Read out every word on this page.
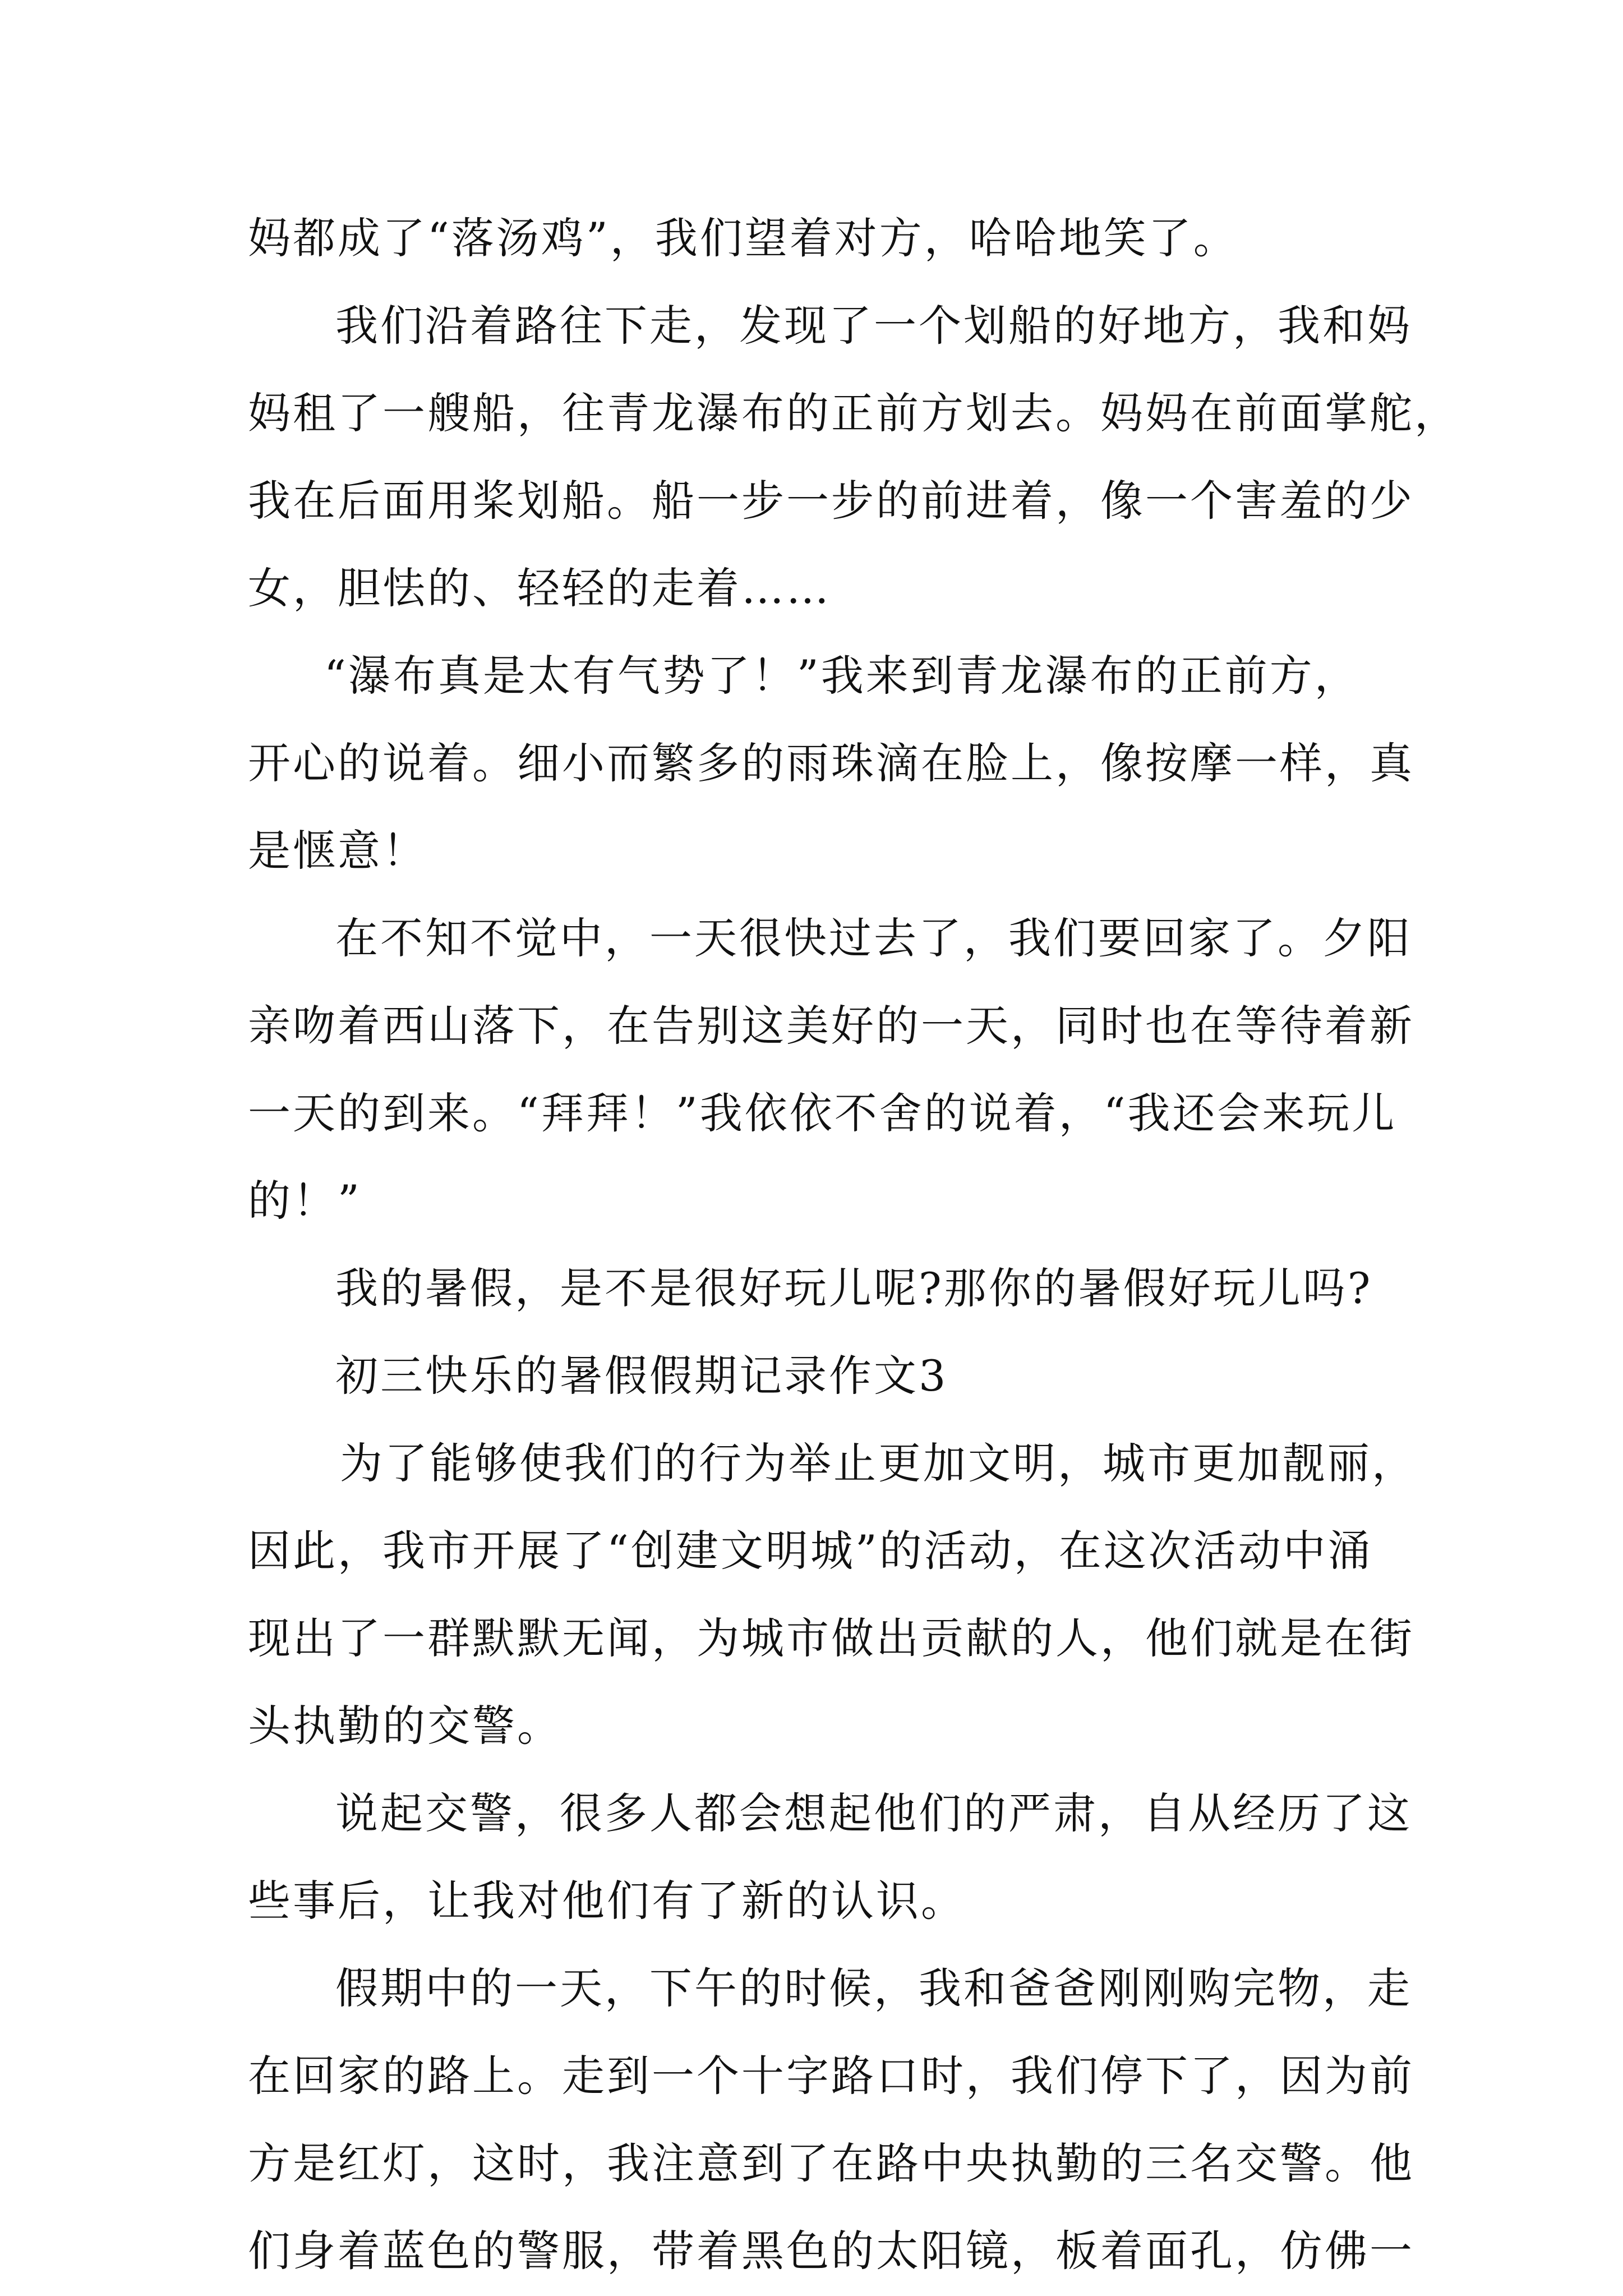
妈都成了“落汤鸡”，我们望着对方，哈哈地笑了。
我们沿着路往下走，发现了一个划船的好地方，我和妈
妈租了一艘船，往青龙瀑布的正前方划去。妈妈在前面掌舵，
我在后面用桨划船。船一步一步的前进着，像一个害羞的少
女，胆怯的、轻轻的走着……
“瀑布真是太有气势了！”我来到青龙瀑布的正前方，
开心的说着。细小而繁多的雨珠滴在脸上，像按摩一样，真
是惬意！
在不知不觉中，一天很快过去了，我们要回家了。夕阳
亲吻着西山落下，在告别这美好的一天，同时也在等待着新
一天的到来。“拜拜！”我依依不舍的说着，“我还会来玩儿
的！”
我的暑假，是不是很好玩儿呢?那你的暑假好玩儿吗?
初三快乐的暑假假期记录作文3
为了能够使我们的行为举止更加文明，城市更加靓丽，
因此，我市开展了“创建文明城”的活动，在这次活动中涌
现出了一群默默无闻，为城市做出贡献的人，他们就是在街
头执勤的交警。
说起交警，很多人都会想起他们的严肃，自从经历了这
些事后，让我对他们有了新的认识。
假期中的一天，下午的时候，我和爸爸刚刚购完物，走
在回家的路上。走到一个十字路口时，我们停下了，因为前
方是红灯，这时，我注意到了在路中央执勤的三名交警。他
们身着蓝色的警服，带着黑色的太阳镜，板着面孔，仿佛一
